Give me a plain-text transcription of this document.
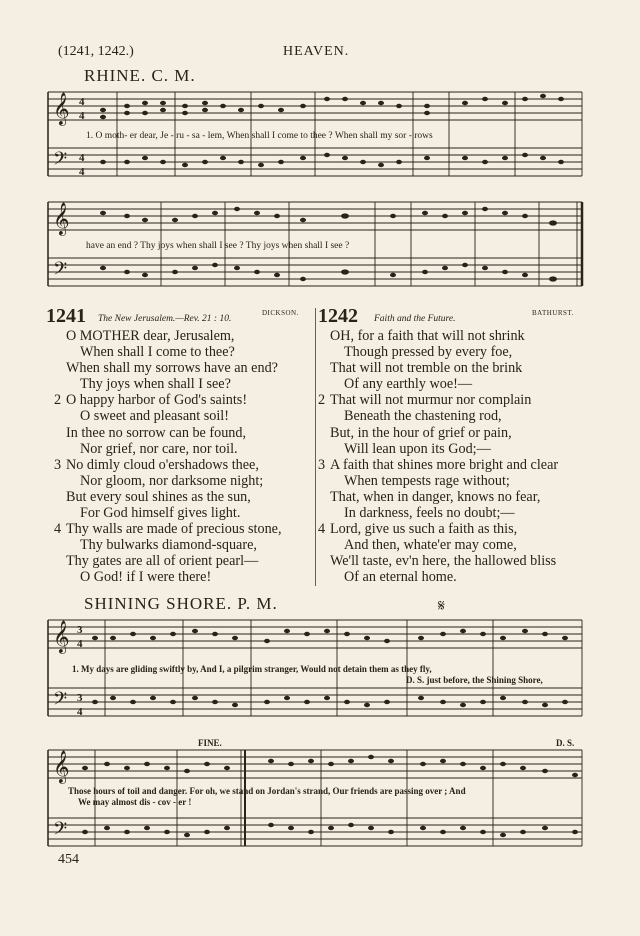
(1241, 1242.)	HEAVEN.
RHINE. C. M.
𝄞
𝄢
4
4
4
4
1. O moth- er dear, Je - ru - sa - lem, When shall I come to thee ? When shall my sor - rows
𝄞
𝄢
have an end ? Thy joys when shall I see ? Thy joys when shall I see ?
1241 The New Jerusalem.—Rev. 21 : 10.
DICKSON.
O MOTHER dear, Jerusalem,
When shall I come to thee?
When shall my sorrows have an end?
Thy joys when shall I see?
2 O happy harbor of God's saints!
O sweet and pleasant soil!
In thee no sorrow can be found,
Nor grief, nor care, nor toil.
3 No dimly cloud o'ershadows thee,
Nor gloom, nor darksome night;
But every soul shines as the sun,
For God himself gives light.
4 Thy walls are made of precious stone,
Thy bulwarks diamond-square,
Thy gates are all of orient pearl—
O God! if I were there!
1242 Faith and the Future.
BATHURST.
OH, for a faith that will not shrink
Though pressed by every foe,
That will not tremble on the brink
Of any earthly woe!—
2 That will not murmur nor complain
Beneath the chastening rod,
But, in the hour of grief or pain,
Will lean upon its God;—
3 A faith that shines more bright and clear
When tempests rage without;
That, when in danger, knows no fear,
In darkness, feels no doubt;—
4 Lord, give us such a faith as this,
And then, whate'er may come,
We'll taste, ev'n here, the hallowed bliss
Of an eternal home.
SHINING SHORE. P. M.	𝄋
𝄞
𝄢
3
4
3
4
1. My days are gliding swiftly by, And I, a pilgrim stranger, Would not detain them as they fly,
D. S. just before, the Shining Shore,
FINE.	D. S.
𝄞
𝄢
Those hours of toil and danger. For oh, we stand on Jordan's strand, Our friends are passing over ; And
We may almost dis - cov - er !
454
